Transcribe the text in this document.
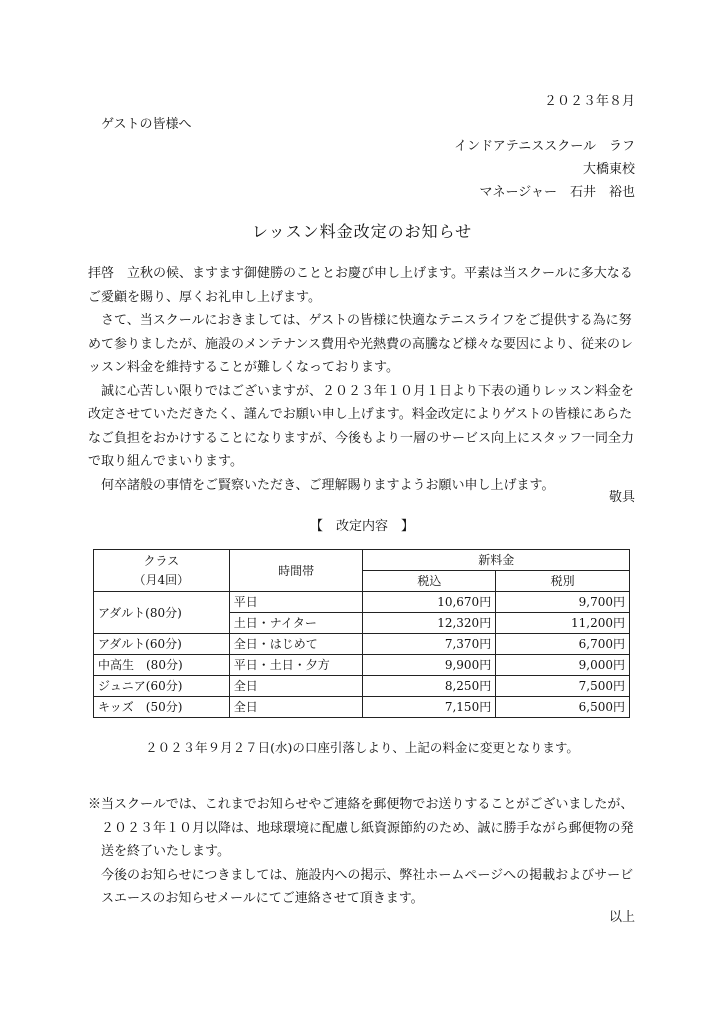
２０２３年８月
ゲストの皆様へ
インドアテニススクール　ラフ
大橋東校
マネージャー　石井　裕也
レッスン料金改定のお知らせ

拝啓　立秋の候、ますます御健勝のこととお慶び申し上げます。平素は当スクールに多大なるご愛顧を賜り、厚くお礼申し上げます。

さて、当スクールにおきましては、ゲストの皆様に快適なテニスライフをご提供する為に努めて参りましたが、施設のメンテナンス費用や光熱費の高騰など様々な要因により、従来のレッスン料金を維持することが難しくなっております。

誠に心苦しい限りではございますが、２０２３年１０月１日より下表の通りレッスン料金を改定させていただきたく、謹んでお願い申し上げます。料金改定によりゲストの皆様にあらたなご負担をおかけすることになりますが、今後もより一層のサービス向上にスタッフ一同全力で取り組んでまいります。

何卒諸般の事情をご賢察いただき、ご理解賜りますようお願い申し上げます。

敬具
【　改定内容　】
クラス
（月4回）	時間帯	新料金	
		税込	税別
アダルト(80分)	平日	10,670円	9,700円
	土日・ナイター	12,320円	11,200円
アダルト(60分)	全日・はじめて	7,370円	6,700円
中高生　(80分)	平日・土日・夕方	9,900円	9,000円
ジュニア(60分)	全日	8,250円	7,500円
キッズ　(50分)	全日	7,150円	6,500円
２０２３年９月２７日(水)の口座引落しより、上記の料金に変更となります。

※当スクールでは、これまでお知らせやご連絡を郵便物でお送りすることがございましたが、

２０２３年１０月以降は、地球環境に配慮し紙資源節約のため、誠に勝手ながら郵便物の発送を終了いたします。

今後のお知らせにつきましては、施設内への掲示、弊社ホームページへの掲載およびサービスエースのお知らせメールにてご連絡させて頂きます。

以上
